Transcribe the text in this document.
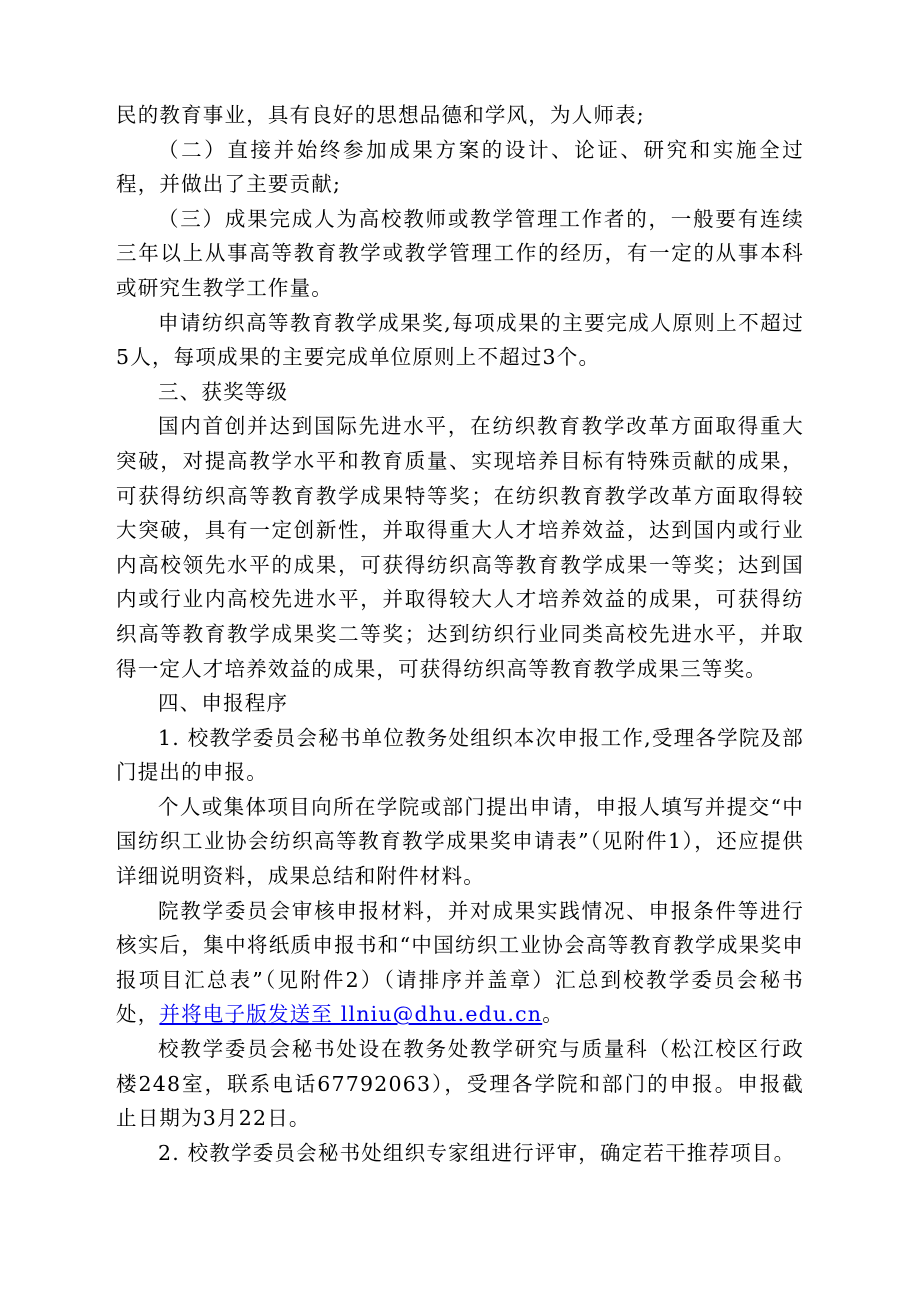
民的教育事业，具有良好的思想品德和学风，为人师表;

（二）直接并始终参加成果方案的设计、论证、研究和实施全过程，并做出了主要贡献;

（三）成果完成人为高校教师或教学管理工作者的，一般要有连续三年以上从事高等教育教学或教学管理工作的经历，有一定的从事本科或研究生教学工作量。

申请纺织高等教育教学成果奖,每项成果的主要完成人原则上不超过5人，每项成果的主要完成单位原则上不超过3个。

三、获奖等级

国内首创并达到国际先进水平，在纺织教育教学改革方面取得重大突破，对提高教学水平和教育质量、实现培养目标有特殊贡献的成果，可获得纺织高等教育教学成果特等奖；在纺织教育教学改革方面取得较大突破，具有一定创新性，并取得重大人才培养效益，达到国内或行业内高校领先水平的成果，可获得纺织高等教育教学成果一等奖；达到国内或行业内高校先进水平，并取得较大人才培养效益的成果，可获得纺织高等教育教学成果奖二等奖；达到纺织行业同类高校先进水平，并取得一定人才培养效益的成果，可获得纺织高等教育教学成果三等奖。

四、申报程序

1. 校教学委员会秘书单位教务处组织本次申报工作,受理各学院及部门提出的申报。

个人或集体项目向所在学院或部门提出申请，申报人填写并提交“中国纺织工业协会纺织高等教育教学成果奖申请表”（见附件1），还应提供详细说明资料，成果总结和附件材料。

院教学委员会审核申报材料，并对成果实践情况、申报条件等进行核实后，集中将纸质申报书和“中国纺织工业协会高等教育教学成果奖申报项目汇总表”（见附件2）（请排序并盖章）汇总到校教学委员会秘书处，并将电子版发送至 llniu@dhu.edu.cn。

校教学委员会秘书处设在教务处教学研究与质量科（松江校区行政楼248室，联系电话67792063），受理各学院和部门的申报。申报截止日期为3月22日。

2. 校教学委员会秘书处组织专家组进行评审，确定若干推荐项目。
